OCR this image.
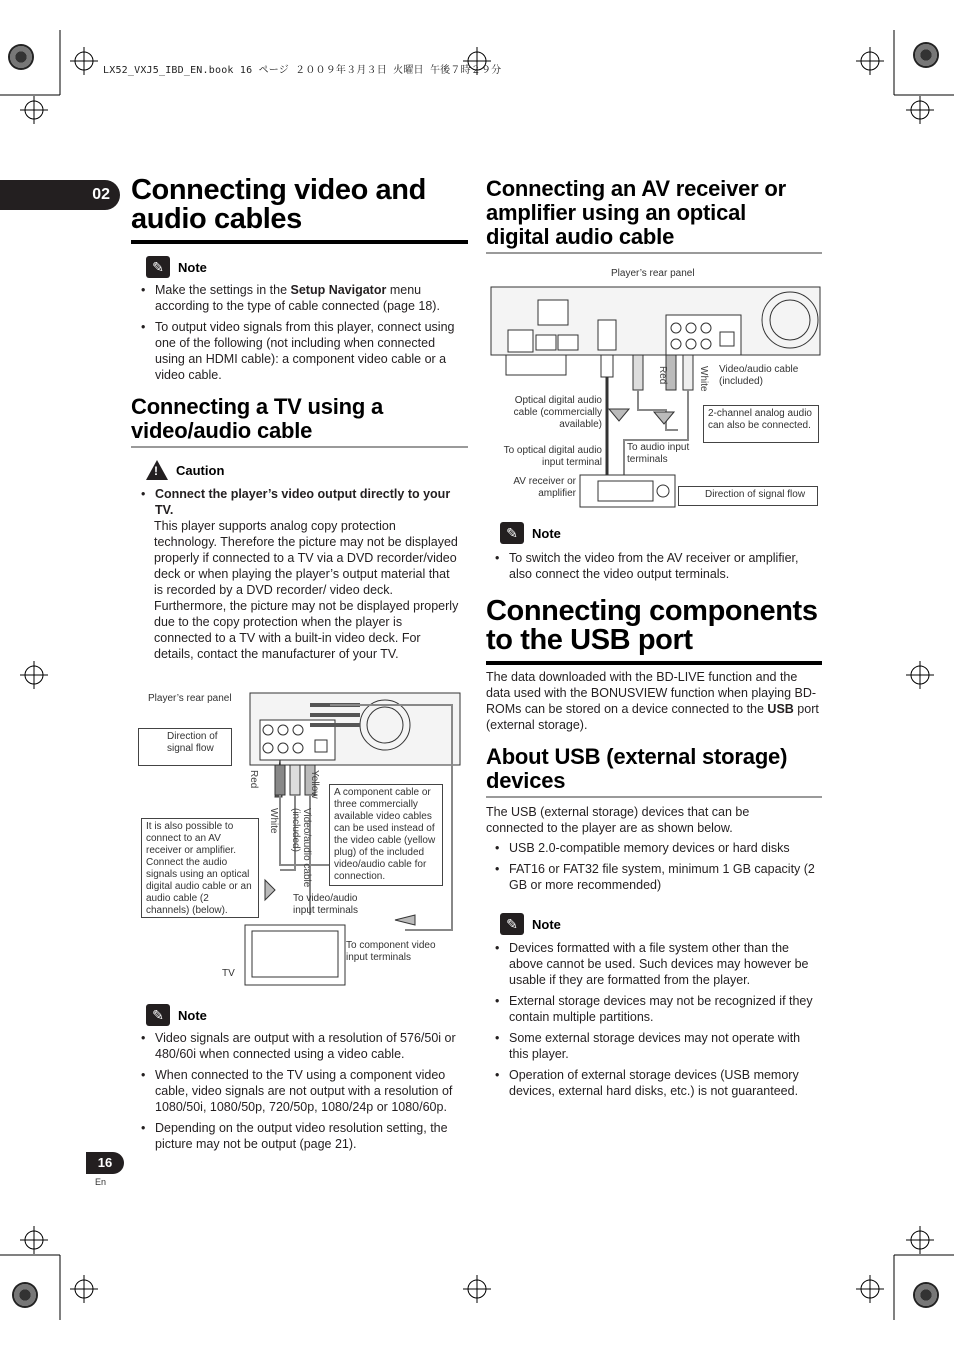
LX52_VXJ5_IBD_EN.book 16 ページ ２００９年３月３日 火曜日 午後７時２９分
02 Connecting video and
audio cables
✎	Note
• Make the settings in the Setup Navigator menu according to the type of cable connected (page 18).
• To output video signals from this player, connect using one of the following (not including when connected using an HDMI cable): a component video cable or a video cable.
Connecting a TV using a
video/audio cable
! Caution
• Connect the player’s video output directly to your TV.
This player supports analog copy protection technology. Therefore the picture may not be displayed properly if connected to a TV via a DVD recorder/video deck or when playing the player’s output material that is recorded by a DVD recorder/ video deck. Furthermore, the picture may not be displayed properly due to the copy protection when the player is connected to a TV with a built-in video deck. For details, contact the manufacturer of your TV.
Player’s rear panel
Direction of signal flow
Red
White
Yellow
Video/audio cable (included)
A component cable or three commercially available video cables can be used instead of the video cable (yellow plug) of the included video/audio cable for connection.
It is also possible to connect to an AV receiver or amplifier. Connect the audio signals using an optical digital audio cable or an audio cable (2 channels) (below).
To video/audio input terminals
To component video input terminals
TV
✎	Note
• Video signals are output with a resolution of 576/50i or 480/60i when connected using a video cable.
• When connected to the TV using a component video cable, video signals are not output with a resolution of 1080/50i, 1080/50p, 720/50p, 1080/24p or 1080/60p.
• Depending on the output video resolution setting, the picture may not be output (page 21).
Connecting an AV receiver or
amplifier using an optical
digital audio cable
Player’s rear panel
Red	White Video/audio cable (included)
Optical digital audio cable (commercially available)
2-channel analog audio can also be connected.
To optical digital audio input terminal
To audio input terminals
AV receiver or amplifier	Direction of signal flow
✎	Note
• To switch the video from the AV receiver or amplifier, also connect the video output terminals.
Connecting components
to the USB port
The data downloaded with the BD-LIVE function and the data used with the BONUSVIEW function when playing BD-ROMs can be stored on a device connected to the USB port (external storage).
About USB (external storage)
devices
The USB (external storage) devices that can be connected to the player are as shown below.
• USB 2.0-compatible memory devices or hard disks
• FAT16 or FAT32 file system, minimum 1 GB capacity (2 GB or more recommended)
✎	Note
• Devices formatted with a file system other than the above cannot be used. Such devices may however be usable if they are formatted from the player.
• External storage devices may not be recognized if they contain multiple partitions.
• Some external storage devices may not operate with this player.
• Operation of external storage devices (USB memory devices, external hard disks, etc.) is not guaranteed.
16
En
